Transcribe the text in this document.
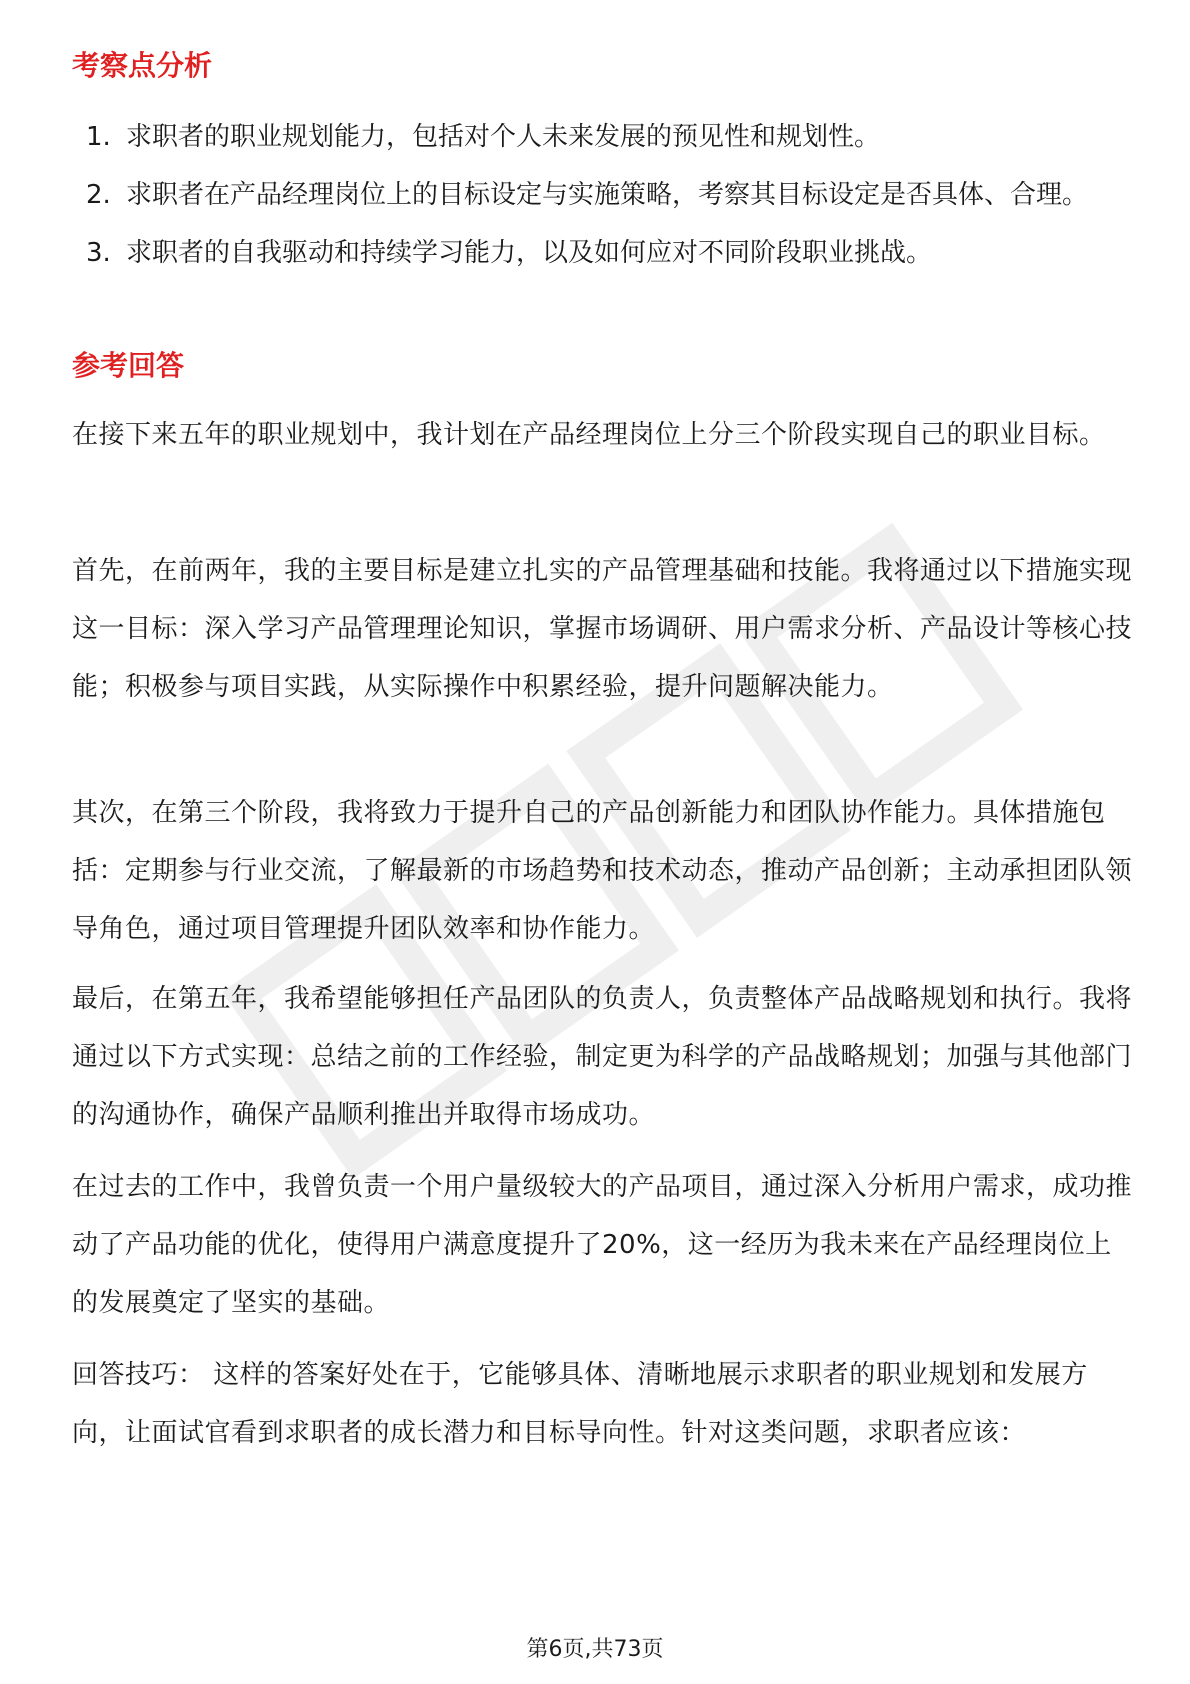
考察点分析
1. 求职者的职业规划能力，包括对个人未来发展的预见性和规划性。
2. 求职者在产品经理岗位上的目标设定与实施策略，考察其目标设定是否具体、合理。
3. 求职者的自我驱动和持续学习能力，以及如何应对不同阶段职业挑战。
参考回答

在接下来五年的职业规划中，我计划在产品经理岗位上分三个阶段实现自己的职业目标。

首先，在前两年，我的主要目标是建立扎实的产品管理基础和技能。我将通过以下措施实现这一目标：深入学习产品管理理论知识，掌握市场调研、用户需求分析、产品设计等核心技能；积极参与项目实践，从实际操作中积累经验，提升问题解决能力。

其次，在第三个阶段，我将致力于提升自己的产品创新能力和团队协作能力。具体措施包括：定期参与行业交流，了解最新的市场趋势和技术动态，推动产品创新；主动承担团队领导角色，通过项目管理提升团队效率和协作能力。

最后，在第五年，我希望能够担任产品团队的负责人，负责整体产品战略规划和执行。我将通过以下方式实现：总结之前的工作经验，制定更为科学的产品战略规划；加强与其他部门的沟通协作，确保产品顺利推出并取得市场成功。

在过去的工作中，我曾负责一个用户量级较大的产品项目，通过深入分析用户需求，成功推动了产品功能的优化，使得用户满意度提升了20%，这一经历为我未来在产品经理岗位上的发展奠定了坚实的基础。

回答技巧： 这样的答案好处在于，它能够具体、清晰地展示求职者的职业规划和发展方向，让面试官看到求职者的成长潜力和目标导向性。针对这类问题，求职者应该：

第6页,共73页
